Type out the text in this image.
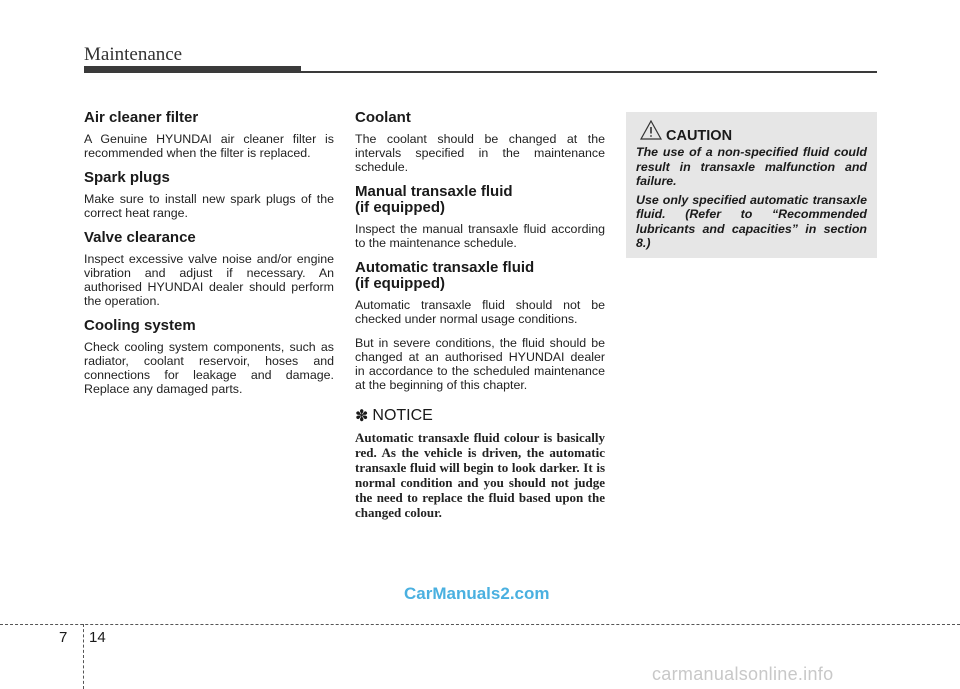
Maintenance
Air cleaner filter

A Genuine HYUNDAI air cleaner filter is recommended when the filter is replaced.

Spark plugs

Make sure to install new spark plugs of the correct heat range.

Valve clearance

Inspect excessive valve noise and/or engine vibration and adjust if necessary. An authorised HYUNDAI dealer should perform the operation.

Cooling system

Check cooling system components, such as radiator, coolant reservoir, hoses and connections for leakage and damage. Replace any damaged parts.

Coolant

The coolant should be changed at the intervals specified in the maintenance schedule.

Manual transaxle fluid
(if equipped)

Inspect the manual transaxle fluid according to the maintenance schedule.

Automatic transaxle fluid
(if equipped)

Automatic transaxle fluid should not be checked under normal usage conditions.

But in severe conditions, the fluid should be changed at an authorised HYUNDAI dealer in accordance to the scheduled maintenance at the beginning of this chapter.

✽ NOTICE

Automatic transaxle fluid colour is basically red. As the vehicle is driven, the automatic transaxle fluid will begin to look darker. It is normal condition and you should not judge the need to replace the fluid based upon the changed colour.

CAUTION

The use of a non-specified fluid could result in transaxle malfunction and failure.

Use only specified automatic transaxle fluid. (Refer to “Recommended lubricants and capacities” in section 8.)

CarManuals2.com
7 14
carmanualsonline.info
